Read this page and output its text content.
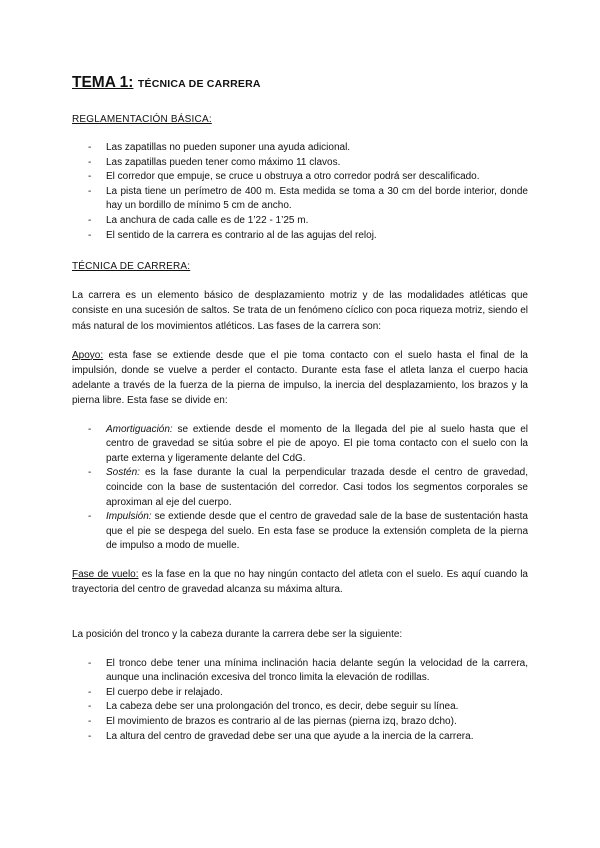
TEMA 1: TÉCNICA DE CARRERA
REGLAMENTACIÓN BÁSICA:
- Las zapatillas no pueden suponer una ayuda adicional.
- Las zapatillas pueden tener como máximo 11 clavos.
- El corredor que empuje, se cruce u obstruya a otro corredor podrá ser descalificado.
- La pista tiene un perímetro de 400 m. Esta medida se toma a 30 cm del borde interior, donde hay un bordillo de mínimo 5 cm de ancho.
- La anchura de cada calle es de 1’22 - 1’25 m.
- El sentido de la carrera es contrario al de las agujas del reloj.
TÉCNICA DE CARRERA:

La carrera es un elemento básico de desplazamiento motriz y de las modalidades atléticas que consiste en una sucesión de saltos. Se trata de un fenómeno cíclico con poca riqueza motriz, siendo el más natural de los movimientos atléticos. Las fases de la carrera son:

Apoyo: esta fase se extiende desde que el pie toma contacto con el suelo hasta el final de la impulsión, donde se vuelve a perder el contacto. Durante esta fase el atleta lanza el cuerpo hacia adelante a través de la fuerza de la pierna de impulso, la inercia del desplazamiento, los brazos y la pierna libre. Esta fase se divide en:

- Amortiguación: se extiende desde el momento de la llegada del pie al suelo hasta que el centro de gravedad se sitúa sobre el pie de apoyo. El pie toma contacto con el suelo con la parte externa y ligeramente delante del CdG.
- Sostén: es la fase durante la cual la perpendicular trazada desde el centro de gravedad, coincide con la base de sustentación del corredor. Casi todos los segmentos corporales se aproximan al eje del cuerpo.
- Impulsión: se extiende desde que el centro de gravedad sale de la base de sustentación hasta que el pie se despega del suelo. En esta fase se produce la extensión completa de la pierna de impulso a modo de muelle.

Fase de vuelo: es la fase en la que no hay ningún contacto del atleta con el suelo. Es aquí cuando la trayectoria del centro de gravedad alcanza su máxima altura.

La posición del tronco y la cabeza durante la carrera debe ser la siguiente:

- El tronco debe tener una mínima inclinación hacia delante según la velocidad de la carrera, aunque una inclinación excesiva del tronco limita la elevación de rodillas.
- El cuerpo debe ir relajado.
- La cabeza debe ser una prolongación del tronco, es decir, debe seguir su línea.
- El movimiento de brazos es contrario al de las piernas (pierna izq, brazo dcho).
- La altura del centro de gravedad debe ser una que ayude a la inercia de la carrera.
